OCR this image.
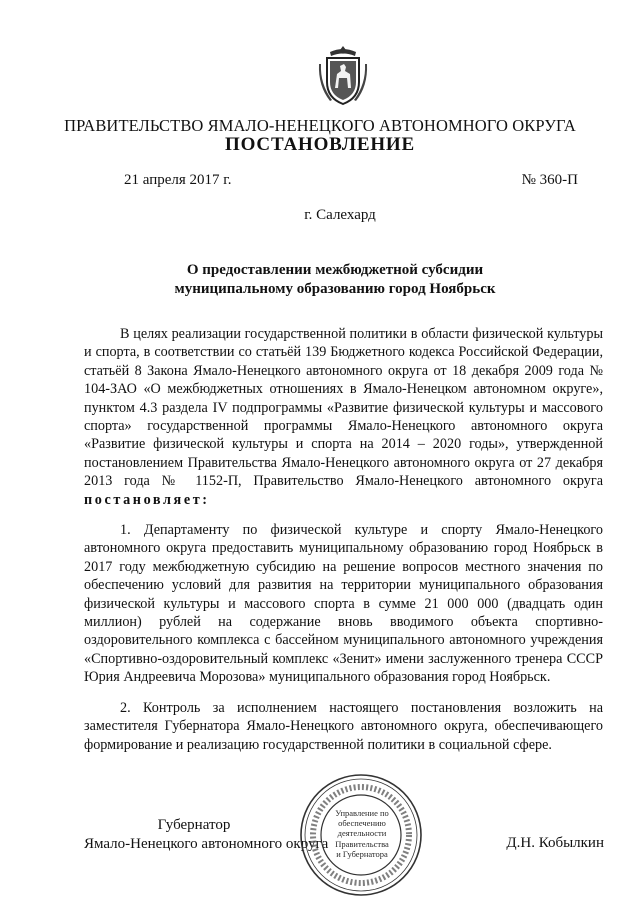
ПРАВИТЕЛЬСТВО ЯМАЛО-НЕНЕЦКОГО АВТОНОМНОГО ОКРУГА
ПОСТАНОВЛЕНИЕ
21 апреля 2017 г.	№ 360-П
г. Салехард
О предоставлении межбюджетной субсидии
муниципальному образованию город Ноябрьск

В целях реализации государственной политики в области физической культуры и спорта, в соответствии со статьёй 139 Бюджетного кодекса Российской Федерации, статьёй 8 Закона Ямало-Ненецкого автономного округа от 18 декабря 2009 года № 104-ЗАО «О межбюджетных отношениях в Ямало-Ненецком автономном округе», пунктом 4.3 раздела IV подпрограммы «Развитие физической культуры и массового спорта» государственной программы Ямало-Ненецкого автономного округа «Развитие физической культуры и спорта на 2014 – 2020 годы», утвержденной постановлением Правительства Ямало-Ненецкого автономного округа от 27 декабря 2013 года № 1152-П, Правительство Ямало-Ненецкого автономного округа постановляет:

1. Департаменту по физической культуре и спорту Ямало-Ненецкого автономного округа предоставить муниципальному образованию город Ноябрьск в 2017 году межбюджетную субсидию на решение вопросов местного значения по обеспечению условий для развития на территории муниципального образования физической культуры и массового спорта в сумме 21 000 000 (двадцать один миллион) рублей на содержание вновь вводимого объекта спортивно-оздоровительного комплекса с бассейном муниципального автономного учреждения «Спортивно-оздоровительный комплекс «Зенит» имени заслуженного тренера СССР Юрия Андреевича Морозова» муниципального образования город Ноябрьск.

2. Контроль за исполнением настоящего постановления возложить на заместителя Губернатора Ямало-Ненецкого автономного округа, обеспечивающего формирование и реализацию государственной политики в социальной сфере.

Губернатор
Ямало-Ненецкого автономного округа	Д.Н. Кобылкин
Управление по
обеспечению
деятельности
Правительства
и Губернатора
